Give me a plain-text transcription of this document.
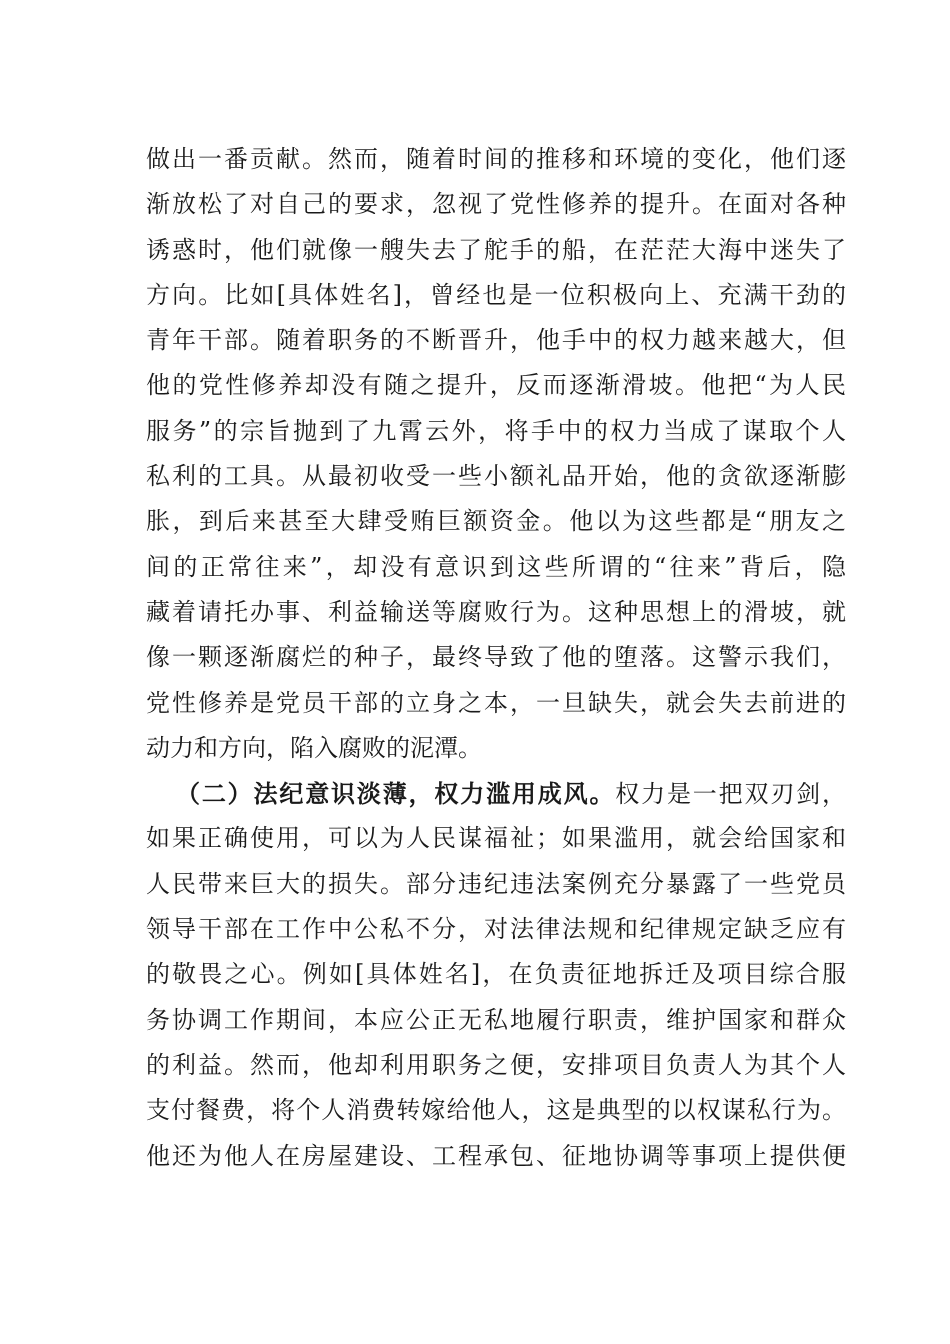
做出一番贡献。然而，随着时间的推移和环境的变化，他们逐
渐放松了对自己的要求，忽视了党性修养的提升。在面对各种
诱惑时，他们就像一艘失去了舵手的船，在茫茫大海中迷失了
方向。比如[具体姓名]，曾经也是一位积极向上、充满干劲的
青年干部。随着职务的不断晋升，他手中的权力越来越大，但
他的党性修养却没有随之提升，反而逐渐滑坡。他把“为人民
服务”的宗旨抛到了九霄云外，将手中的权力当成了谋取个人
私利的工具。从最初收受一些小额礼品开始，他的贪欲逐渐膨
胀，到后来甚至大肆受贿巨额资金。他以为这些都是“朋友之
间的正常往来”，却没有意识到这些所谓的“往来”背后，隐
藏着请托办事、利益输送等腐败行为。这种思想上的滑坡，就
像一颗逐渐腐烂的种子，最终导致了他的堕落。这警示我们，
党性修养是党员干部的立身之本，一旦缺失，就会失去前进的
动力和方向，陷入腐败的泥潭。
（二）法纪意识淡薄，权力滥用成风。权力是一把双刃剑，
如果正确使用，可以为人民谋福祉；如果滥用，就会给国家和
人民带来巨大的损失。部分违纪违法案例充分暴露了一些党员
领导干部在工作中公私不分，对法律法规和纪律规定缺乏应有
的敬畏之心。例如[具体姓名]，在负责征地拆迁及项目综合服
务协调工作期间，本应公正无私地履行职责，维护国家和群众
的利益。然而，他却利用职务之便，安排项目负责人为其个人
支付餐费，将个人消费转嫁给他人，这是典型的以权谋私行为。
他还为他人在房屋建设、工程承包、征地协调等事项上提供便
